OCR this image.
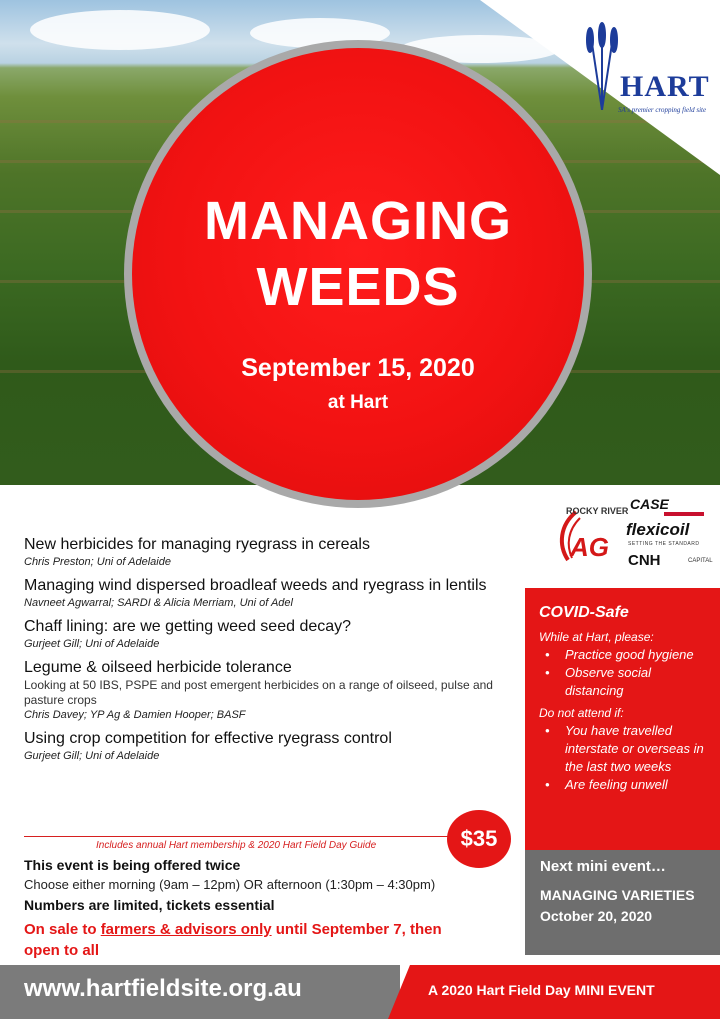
HART
SA's premier cropping field site
MANAGING
WEEDS
September 15, 2020
at Hart
ROCKY RIVER
AG
CASE
flexicoil
SETTING THE STANDARD
CNH	CAPITAL
New herbicides for managing ryegrass in cereals
Chris Preston; Uni of Adelaide
Managing wind dispersed broadleaf weeds and ryegrass in lentils
Navneet Agwarral; SARDI & Alicia Merriam, Uni of Adel
Chaff lining: are we getting weed seed decay?
Gurjeet Gill; Uni of Adelaide
Legume & oilseed herbicide tolerance
Looking at 50 IBS, PSPE and post emergent herbicides on a range of oilseed, pulse and pasture crops
Chris Davey; YP Ag & Damien Hooper; BASF
Using crop competition for effective ryegrass control
Gurjeet Gill; Uni of Adelaide
Includes annual Hart membership & 2020 Hart Field Day Guide	$35
This event is being offered twice
Choose either morning (9am – 12pm) OR afternoon (1:30pm – 4:30pm)
Numbers are limited, tickets essential
On sale to farmers & advisors only until September 7, then open to all
COVID-Safe
While at Hart, please:
• Practice good hygiene
• Observe social distancing
Do not attend if:
• You have travelled interstate or overseas in the last two weeks
• Are feeling unwell
Next mini event…
MANAGING VARIETIES
October 20, 2020
www.hartfieldsite.org.au	A 2020 Hart Field Day MINI EVENT
